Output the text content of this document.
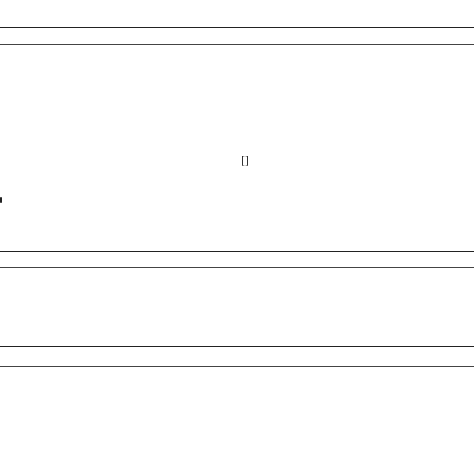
[]
